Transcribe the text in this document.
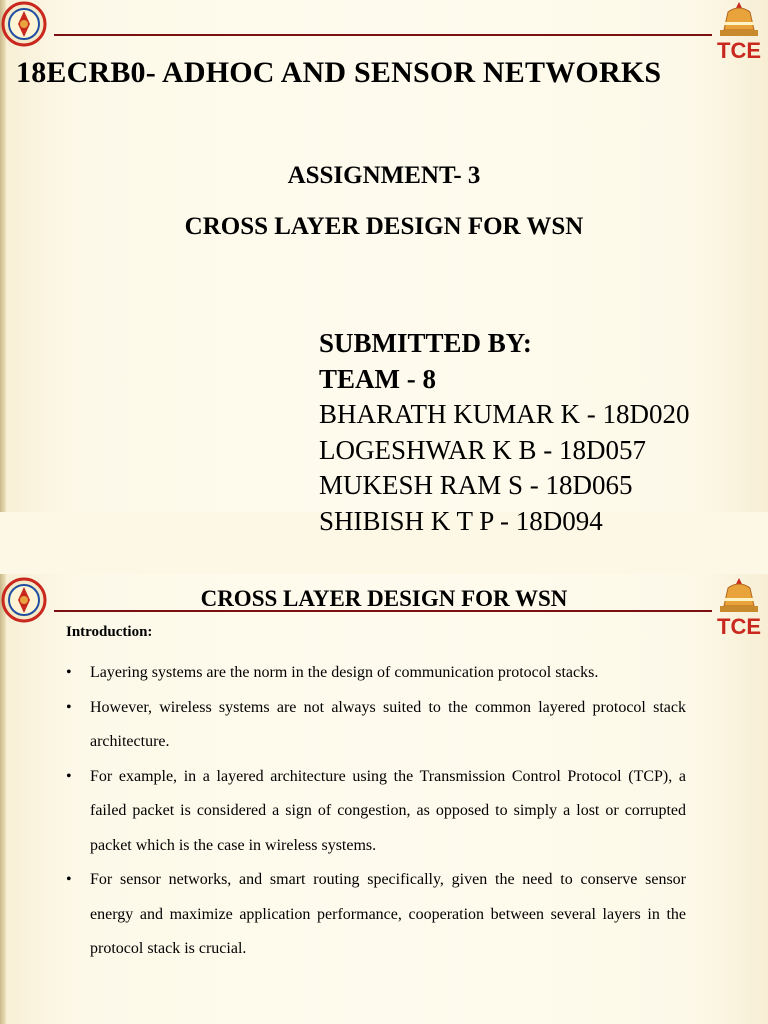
TCE
18ECRB0- ADHOC AND SENSOR NETWORKS
ASSIGNMENT- 3
CROSS LAYER DESIGN FOR WSN
SUBMITTED BY:
TEAM - 8
BHARATH KUMAR K - 18D020
LOGESHWAR K B - 18D057
MUKESH RAM S - 18D065
SHIBISH K T P - 18D094
TCE
CROSS LAYER DESIGN FOR WSN
Introduction:
• Layering systems are the norm in the design of communication protocol stacks.
• However, wireless systems are not always suited to the common layered protocol stack architecture.
• For example, in a layered architecture using the Transmission Control Protocol (TCP), a failed packet is considered a sign of congestion, as opposed to simply a lost or corrupted packet which is the case in wireless systems.
• For sensor networks, and smart routing specifically, given the need to conserve sensor energy and maximize application performance, cooperation between several layers in the protocol stack is crucial.
